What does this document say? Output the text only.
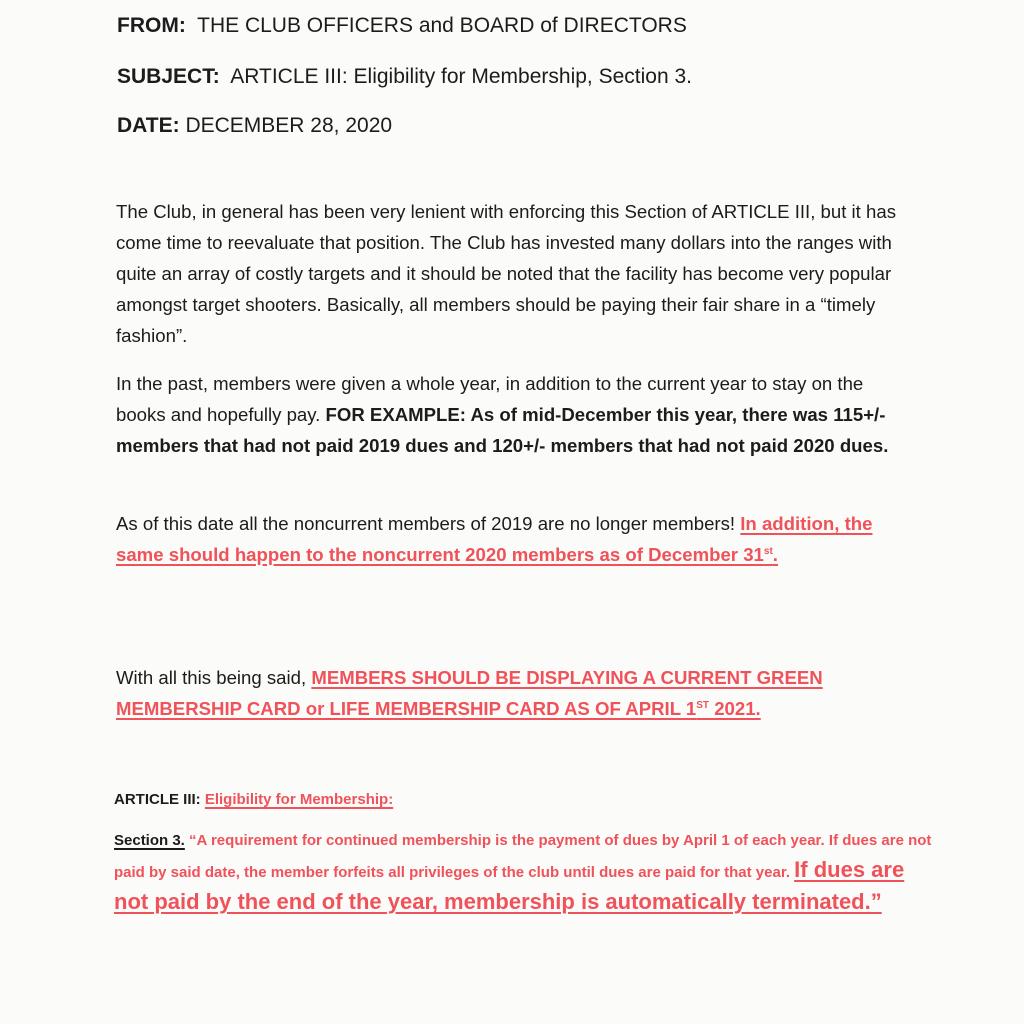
FROM: THE CLUB OFFICERS and BOARD of DIRECTORS
SUBJECT: ARTICLE III: Eligibility for Membership, Section 3.
DATE: DECEMBER 28, 2020
The Club, in general has been very lenient with enforcing this Section of ARTICLE III, but it has come time to reevaluate that position. The Club has invested many dollars into the ranges with quite an array of costly targets and it should be noted that the facility has become very popular amongst target shooters. Basically, all members should be paying their fair share in a “timely fashion”.
In the past, members were given a whole year, in addition to the current year to stay on the books and hopefully pay. FOR EXAMPLE: As of mid-December this year, there was 115+/- members that had not paid 2019 dues and 120+/- members that had not paid 2020 dues.
As of this date all the noncurrent members of 2019 are no longer members! In addition, the same should happen to the noncurrent 2020 members as of December 31st.
With all this being said, MEMBERS SHOULD BE DISPLAYING A CURRENT GREEN MEMBERSHIP CARD or LIFE MEMBERSHIP CARD AS OF APRIL 1ST 2021.
ARTICLE III: Eligibility for Membership:
Section 3. “A requirement for continued membership is the payment of dues by April 1 of each year. If dues are not paid by said date, the member forfeits all privileges of the club until dues are paid for that year. If dues are not paid by the end of the year, membership is automatically terminated.”
